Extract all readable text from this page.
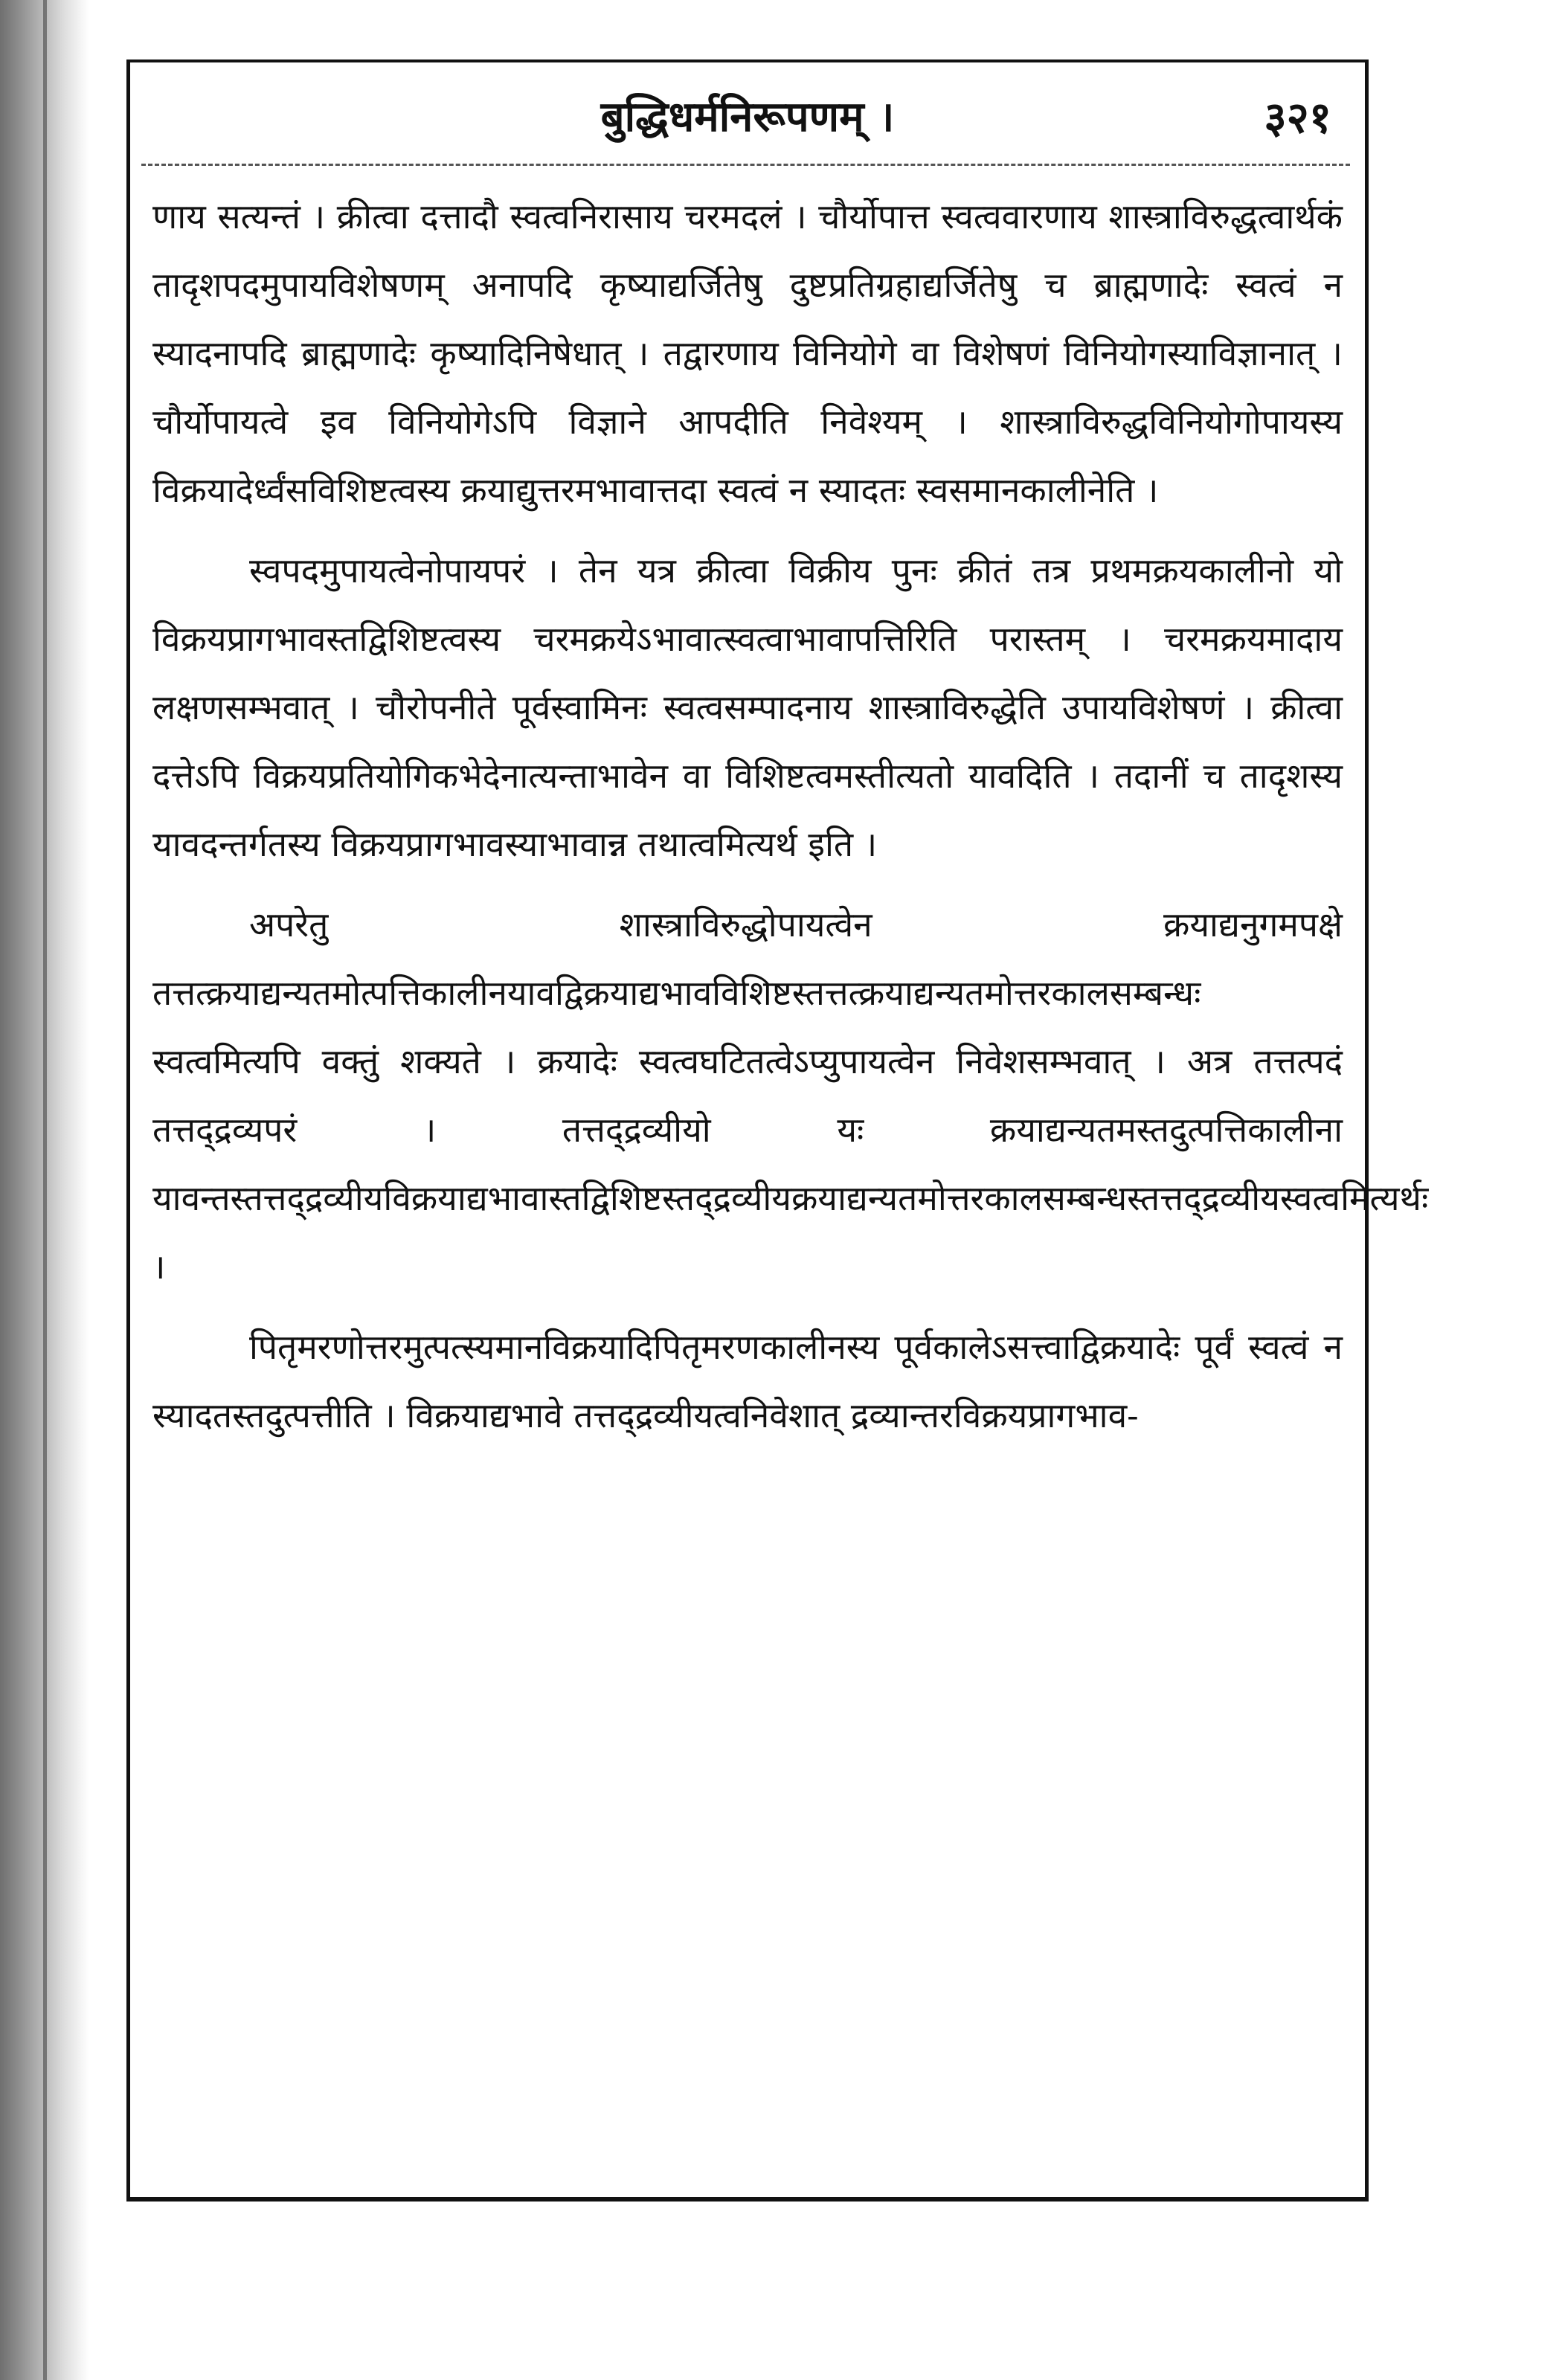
बुद्धिधर्मनिरूपणम् ।	३२१

णाय सत्यन्तं । क्रीत्वा दत्तादौ स्वत्वनिरासाय चरमदलं । चौर्योपात्त स्वत्ववारणाय शास्त्राविरुद्धत्वार्थकं तादृशपदमुपायविशेषणम् अनापदि कृष्याद्यर्जितेषु दुष्टप्रतिग्रहाद्यर्जितेषु च ब्राह्मणादेः स्वत्वं न स्यादनापदि ब्राह्मणादेः कृष्यादिनिषेधात् । तद्वारणाय विनियोगे वा विशेषणं विनियोगस्याविज्ञानात् । चौर्योपायत्वे इव विनियोगेऽपि विज्ञाने आपदीति निवेश्यम् । शास्त्राविरुद्धविनियोगोपायस्य विक्रयादेर्ध्वंसविशिष्टत्वस्य क्रयाद्युत्तरमभावात्तदा स्वत्वं न स्यादतः स्वसमानकालीनेति ।

स्वपदमुपायत्वेनोपायपरं । तेन यत्र क्रीत्वा विक्रीय पुनः क्रीतं तत्र प्रथमक्रयकालीनो यो विक्रयप्रागभावस्तद्विशिष्टत्वस्य चरमक्रयेऽभावात्स्वत्वाभावापत्तिरिति परास्तम् । चरमक्रयमादाय लक्षणसम्भवात् । चौरोपनीते पूर्वस्वामिनः स्वत्वसम्पादनाय शास्त्राविरुद्धेति उपायविशेषणं । क्रीत्वा दत्तेऽपि विक्रयप्रतियोगिकभेदेनात्यन्ताभावेन वा विशिष्टत्वमस्तीत्यतो यावदिति । तदानीं च तादृशस्य यावदन्तर्गतस्य विक्रयप्रागभावस्याभावान्न तथात्वमित्यर्थ इति ।

अपरेतु शास्त्राविरुद्धोपायत्वेन क्रयाद्यनुगमपक्षे तत्तत्क्रयाद्यन्यतमोत्पत्तिकालीनयावद्विक्रयाद्यभावविशिष्टस्तत्तत्क्रयाद्यन्यतमोत्तरकालसम्बन्धः स्वत्वमित्यपि वक्तुं शक्यते । क्रयादेः स्वत्वघटितत्वेऽप्युपायत्वेन निवेशसम्भवात् । अत्र तत्तत्पदं तत्तद्द्रव्यपरं । तत्तद्द्रव्यीयो यः क्रयाद्यन्यतमस्तदुत्पत्तिकालीना यावन्तस्तत्तद्द्रव्यीयविक्रयाद्यभावास्तद्विशिष्टस्तद्द्रव्यीयक्रयाद्यन्यतमोत्तरकालसम्बन्धस्तत्तद्द्रव्यीयस्वत्वमित्यर्थः ।

पितृमरणोत्तरमुत्पत्स्यमानविक्रयादिपितृमरणकालीनस्य पूर्वकालेऽसत्त्वाद्विक्रयादेः पूर्वं स्वत्वं न स्यादतस्तदुत्पत्तीति । विक्रयाद्यभावे तत्तद्द्रव्यीयत्वनिवेशात् द्रव्यान्तरविक्रयप्रागभाव-
